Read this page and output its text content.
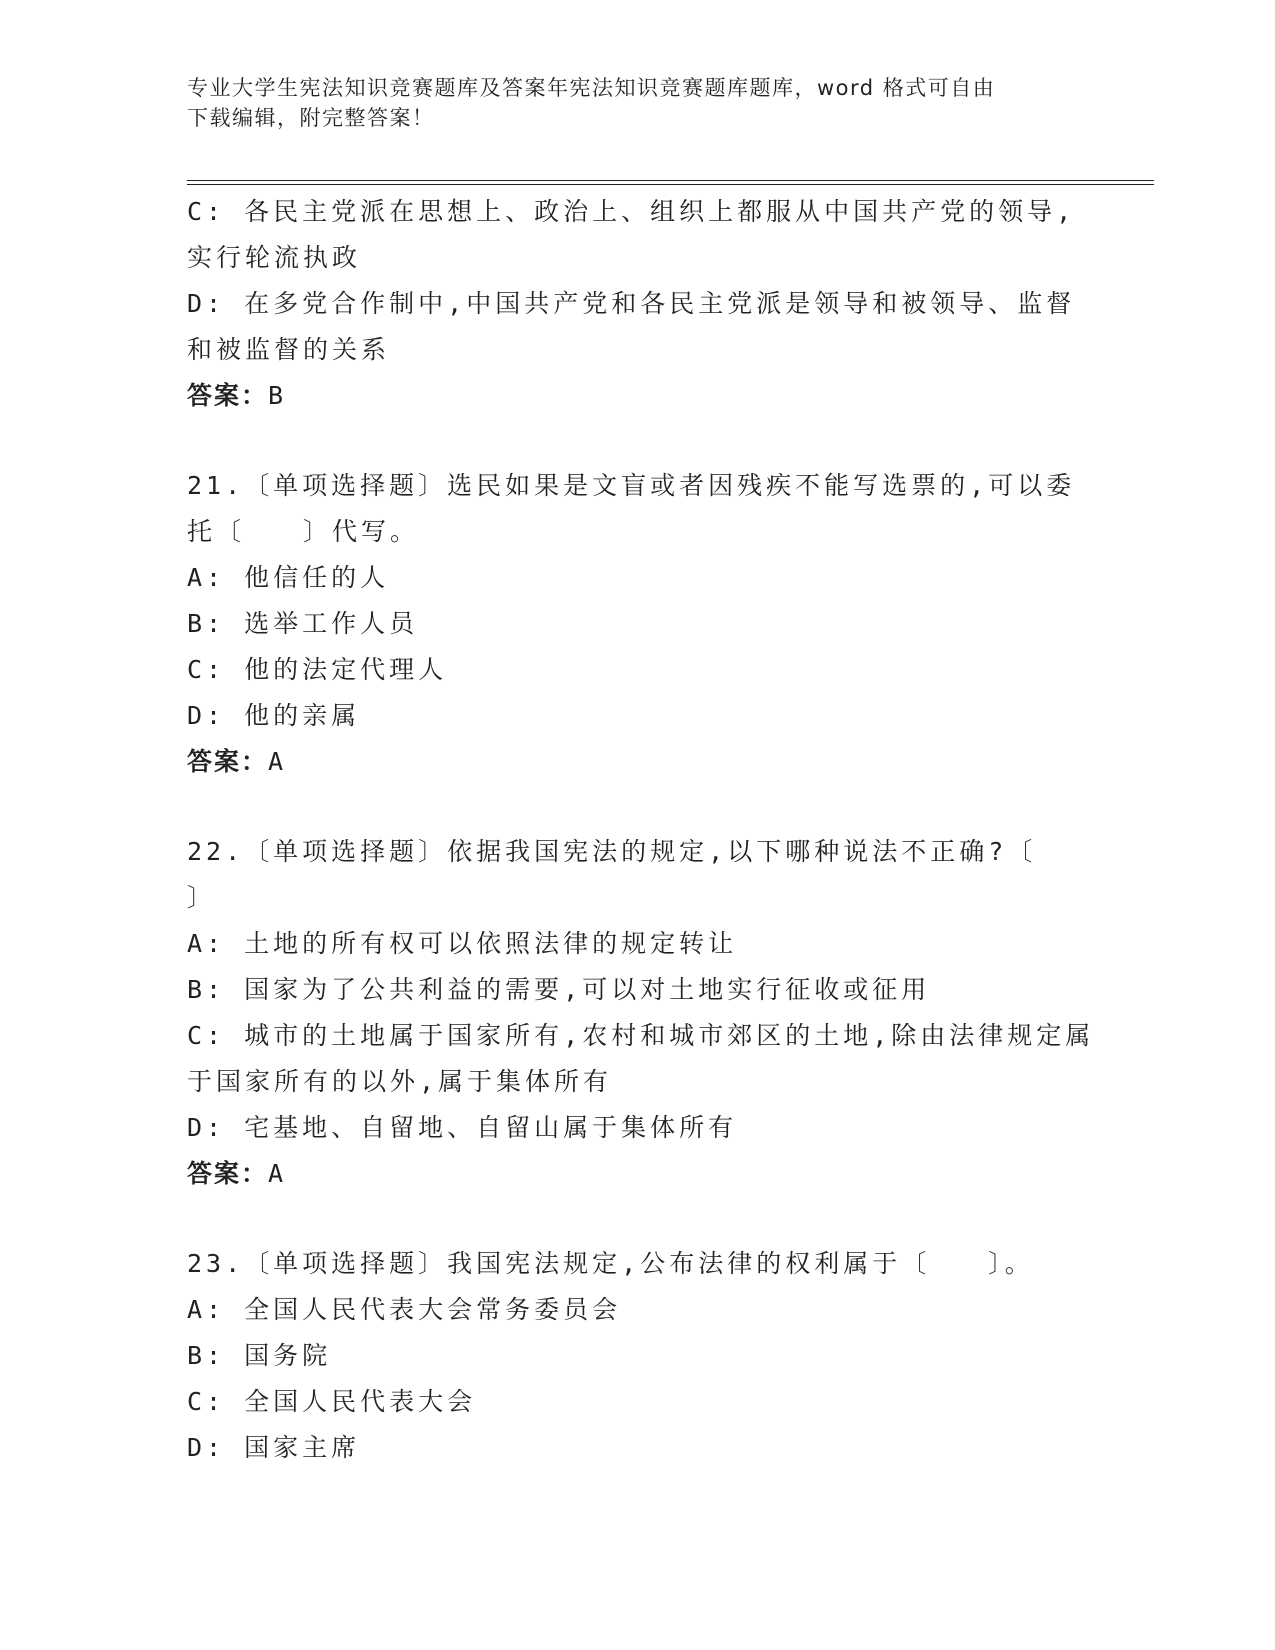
专业大学生宪法知识竞赛题库及答案年宪法知识竞赛题库题库，word 格式可自由
下载编辑，附完整答案！
C: 各民主党派在思想上、政治上、组织上都服从中国共产党的领导,
实行轮流执政
D: 在多党合作制中,中国共产党和各民主党派是领导和被领导、监督
和被监督的关系
答案：B
21.〔单项选择题〕选民如果是文盲或者因残疾不能写选票的,可以委
托〔　　〕代写。
A: 他信任的人
B: 选举工作人员
C: 他的法定代理人
D: 他的亲属
答案：A
22.〔单项选择题〕依据我国宪法的规定,以下哪种说法不正确?〔
〕
A: 土地的所有权可以依照法律的规定转让
B: 国家为了公共利益的需要,可以对土地实行征收或征用
C: 城市的土地属于国家所有,农村和城市郊区的土地,除由法律规定属
于国家所有的以外,属于集体所有
D: 宅基地、自留地、自留山属于集体所有
答案：A
23.〔单项选择题〕我国宪法规定,公布法律的权利属于〔　　〕。
A: 全国人民代表大会常务委员会
B: 国务院
C: 全国人民代表大会
D: 国家主席
